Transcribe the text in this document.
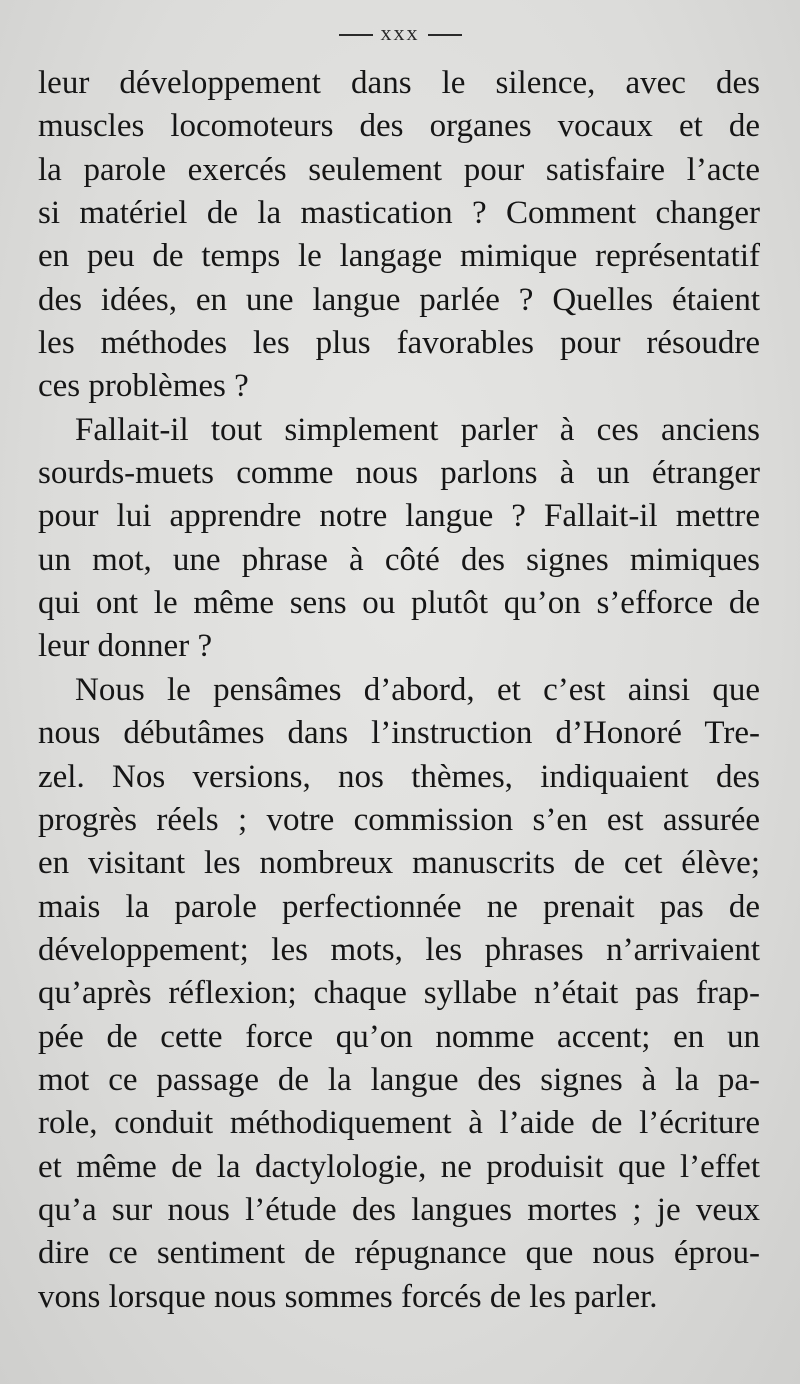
xxx
leur développement dans le silence, avec des
muscles locomoteurs des organes vocaux et de
la parole exercés seulement pour satisfaire l’acte
si matériel de la mastication ? Comment changer
en peu de temps le langage mimique représentatif
des idées, en une langue parlée ? Quelles étaient
les méthodes les plus favorables pour résoudre
ces problèmes ?
Fallait-il tout simplement parler à ces anciens
sourds-muets comme nous parlons à un étranger
pour lui apprendre notre langue ? Fallait-il mettre
un mot, une phrase à côté des signes mimiques
qui ont le même sens ou plutôt qu’on s’efforce de
leur donner ?
Nous le pensâmes d’abord, et c’est ainsi que
nous débutâmes dans l’instruction d’Honoré Tre-
zel. Nos versions, nos thèmes, indiquaient des
progrès réels ; votre commission s’en est assurée
en visitant les nombreux manuscrits de cet élève;
mais la parole perfectionnée ne prenait pas de
développement; les mots, les phrases n’arrivaient
qu’après réflexion; chaque syllabe n’était pas frap-
pée de cette force qu’on nomme accent; en un
mot ce passage de la langue des signes à la pa-
role, conduit méthodiquement à l’aide de l’écriture
et même de la dactylologie, ne produisit que l’effet
qu’a sur nous l’étude des langues mortes ; je veux
dire ce sentiment de répugnance que nous éprou-
vons lorsque nous sommes forcés de les parler.
